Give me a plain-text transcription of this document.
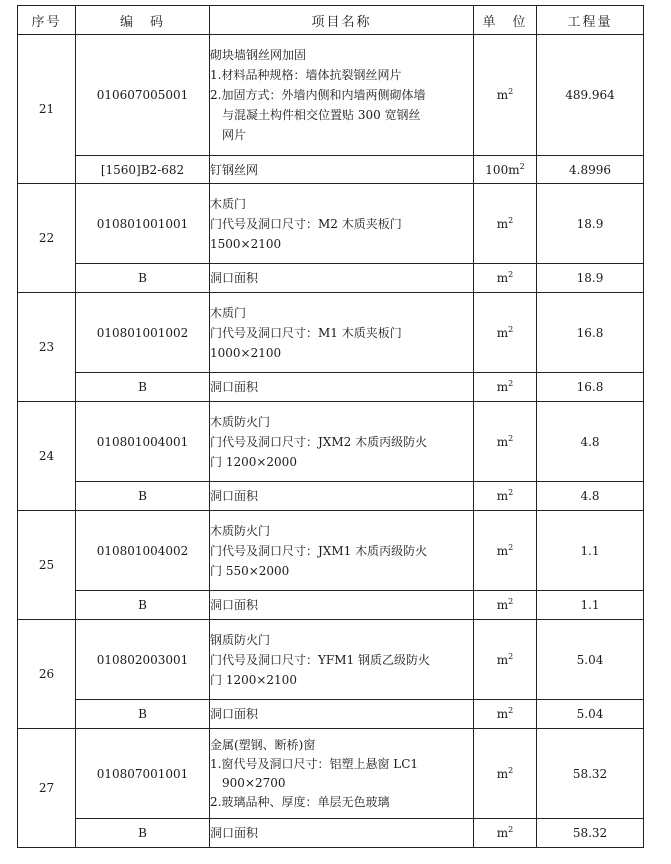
序号	编　码	项目名称	单　位	工程量
21	010607005001	砌块墙钢丝网加固
1.材料品种规格：墙体抗裂钢丝网片
2.加固方式：外墙内侧和内墙两侧砌体墙
与混凝土构件相交位置贴 300 宽钢丝
网片	$m^2$	489.964
	[1560]B2-682	钉钢丝网	$100m^2$	4.8996
22	010801001001	木质门
门代号及洞口尺寸：M2 木质夹板门
1500×2100	$m^2$	18.9
	B	洞口面积	$m^2$	18.9
23	010801001002	木质门
门代号及洞口尺寸：M1 木质夹板门
1000×2100	$m^2$	16.8
	B	洞口面积	$m^2$	16.8
24	010801004001	木质防火门
门代号及洞口尺寸：JXM2 木质丙级防火
门 1200×2000	$m^2$	4.8
	B	洞口面积	$m^2$	4.8
25	010801004002	木质防火门
门代号及洞口尺寸：JXM1 木质丙级防火
门 550×2000	$m^2$	1.1
	B	洞口面积	$m^2$	1.1
26	010802003001	钢质防火门
门代号及洞口尺寸：YFM1 钢质乙级防火
门 1200×2100	$m^2$	5.04
	B	洞口面积	$m^2$	5.04
27	010807001001	金属(塑钢、断桥)窗
1.窗代号及洞口尺寸：铝塑上悬窗 LC1
900×2700
2.玻璃品种、厚度：单层无色玻璃	$m^2$	58.32
	B	洞口面积	$m^2$	58.32
